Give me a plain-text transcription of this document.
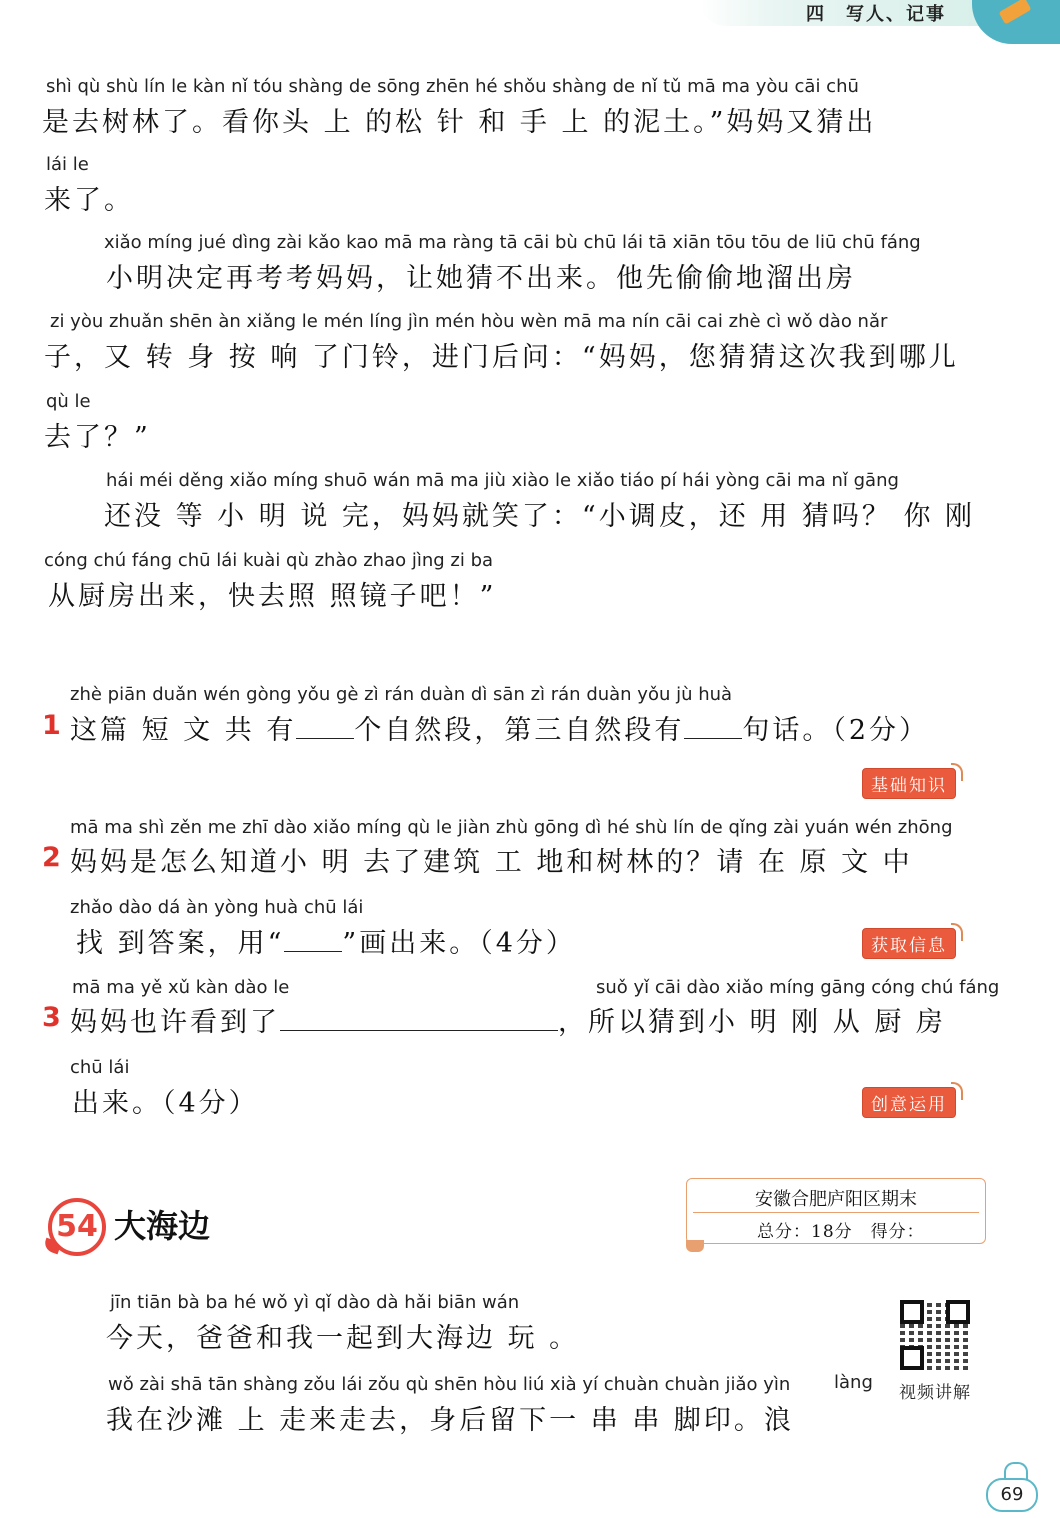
四　写人、记事
shì qù shù lín le kàn nǐ tóu shàng de sōng zhēn hé shǒu shàng de nǐ tǔ mā ma yòu cāi chū
是去树林了。看你头 上 的松 针 和 手 上 的泥土。”妈妈又猜出
lái le
来了。
xiǎo míng jué dìng zài kǎo kao mā ma ràng tā cāi bù chū lái tā xiān tōu tōu de liū chū fáng
小明决定再考考妈妈，让她猜不出来。他先偷偷地溜出房
zi yòu zhuǎn shēn àn xiǎng le mén líng jìn mén hòu wèn mā ma nín cāi cai zhè cì wǒ dào nǎr
子，又 转 身 按 响 了门铃，进门后问：“妈妈，您猜猜这次我到哪儿
qù le
去了？”
hái méi děng xiǎo míng shuō wán mā ma jiù xiào le xiǎo tiáo pí hái yòng cāi ma nǐ gāng
还没 等 小 明 说 完，妈妈就笑了：“小调皮，还 用 猜吗？ 你 刚
cóng chú fáng chū lái kuài qù zhào zhao jìng zi ba
从厨房出来，快去照 照镜子吧！”
zhè piān duǎn wén gòng yǒu gè zì rán duàn dì sān zì rán duàn yǒu jù huà
1 这篇 短 文 共 有 个自然段，第三自然段有 句话。（2分）
基础知识
mā ma shì zěn me zhī dào xiǎo míng qù le jiàn zhù gōng dì hé shù lín de qǐng zài yuán wén zhōng
2 妈妈是怎么知道小 明 去了建筑 工 地和树林的？请 在 原 文 中
zhǎo dào dá àn yòng huà chū lái
找 到答案，用“ ”画出来。（4分）	获取信息
mā ma yě xǔ kàn dào le	suǒ yǐ cāi dào xiǎo míng gāng cóng chú fáng
3 妈妈也许看到了	，所以猜到小 明 刚 从 厨 房
chū lái
出来。（4分）	创意运用
54 大海边
安徽合肥庐阳区期末
总分：18分　得分：
jīn tiān bà ba hé wǒ yì qǐ dào dà hǎi biān wán
今天，爸爸和我一起到大海边 玩 。
wǒ zài shā tān shàng zǒu lái zǒu qù shēn hòu liú xià yí chuàn chuàn jiǎo yìn làng
我在沙滩 上 走来走去，身后留下一 串 串 脚印。浪
视频讲解
69
